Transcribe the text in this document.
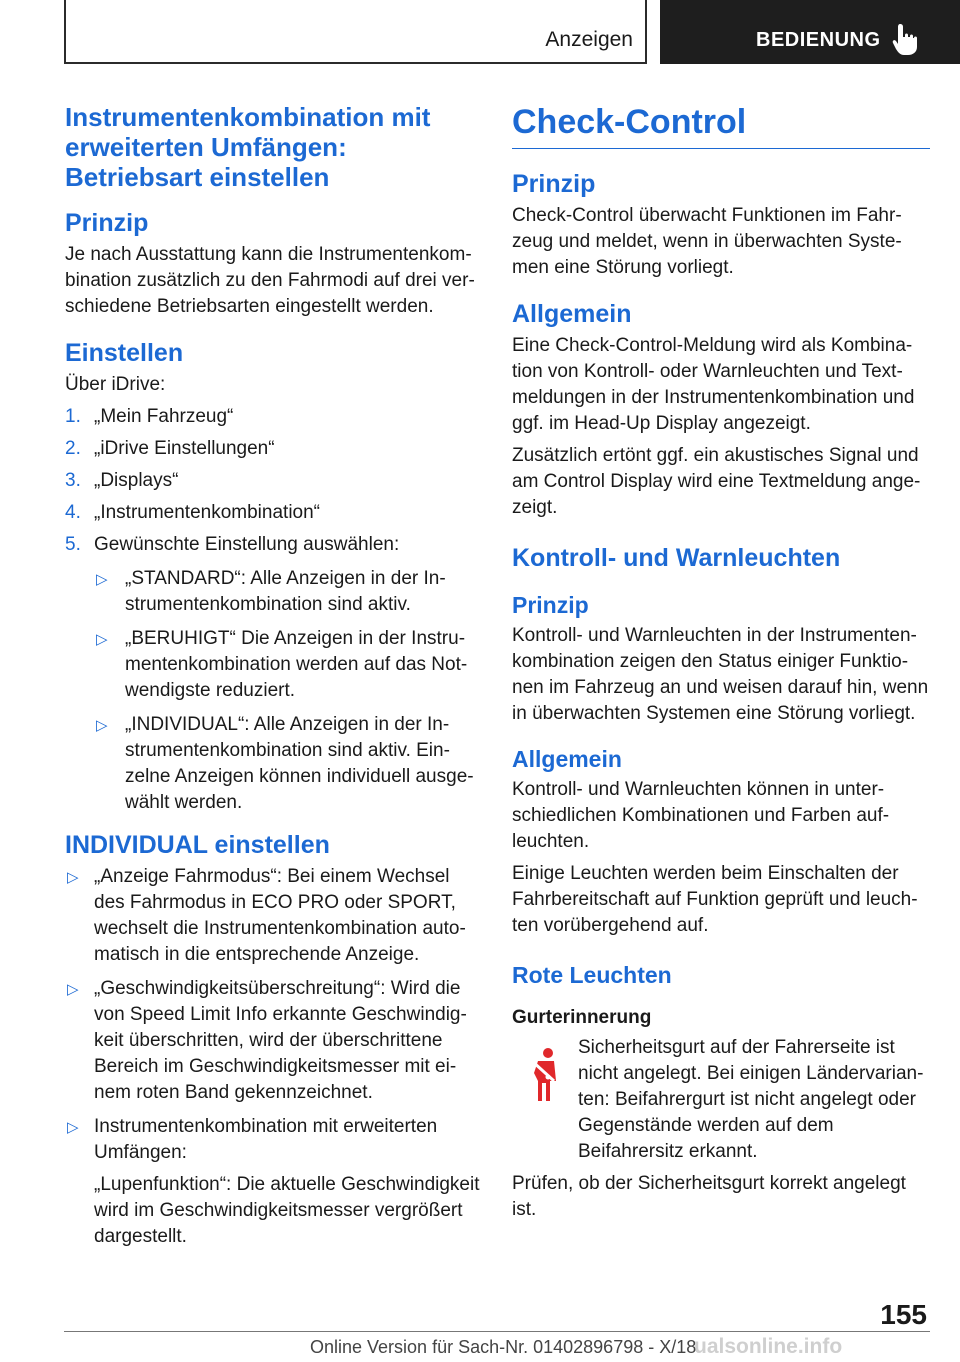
Anzeigen	BEDIENUNG
Instrumentenkombination mit
erweiterten Umfängen:
Betriebsart einstellen
Prinzip

Je nach Ausstattung kann die Instrumentenkombination zusätzlich zu den Fahrmodi auf drei verschiedene Betriebsarten eingestellt werden.

Einstellen

Über iDrive:

1. „Mein Fahrzeug“
2. „iDrive Einstellungen“
3. „Displays“
4. „Instrumentenkombination“
5. Gewünschte Einstellung auswählen:
▷ „STANDARD“: Alle Anzeigen in der Instrumentenkombination sind aktiv.
▷ „BERUHIGT“ Die Anzeigen in der Instrumentenkombination werden auf das Notwendigste reduziert.
▷ „INDIVIDUAL“: Alle Anzeigen in der Instrumentenkombination sind aktiv. Einzelne Anzeigen können individuell ausgewählt werden.
INDIVIDUAL einstellen
▷ „Anzeige Fahrmodus“: Bei einem Wechsel des Fahrmodus in ECO PRO oder SPORT, wechselt die Instrumentenkombination automatisch in die entsprechende Anzeige.
▷ „Geschwindigkeitsüberschreitung“: Wird die von Speed Limit Info erkannte Geschwindigkeit überschritten, wird der überschrittene Bereich im Geschwindigkeitsmesser mit einem roten Band gekennzeichnet.
▷ Instrumentenkombination mit erweiterten Umfängen:
„Lupenfunktion“: Die aktuelle Geschwindigkeit wird im Geschwindigkeitsmesser vergrößert dargestellt.
Check-Control
Prinzip

Check-Control überwacht Funktionen im Fahrzeug und meldet, wenn in überwachten Systemen eine Störung vorliegt.

Allgemein

Eine Check-Control-Meldung wird als Kombination von Kontroll- oder Warnleuchten und Textmeldungen in der Instrumentenkombination und ggf. im Head-Up Display angezeigt.

Zusätzlich ertönt ggf. ein akustisches Signal und am Control Display wird eine Textmeldung angezeigt.

Kontroll- und Warnleuchten
Prinzip

Kontroll- und Warnleuchten in der Instrumentenkombination zeigen den Status einiger Funktionen im Fahrzeug an und weisen darauf hin, wenn in überwachten Systemen eine Störung vorliegt.

Allgemein

Kontroll- und Warnleuchten können in unterschiedlichen Kombinationen und Farben aufleuchten.

Einige Leuchten werden beim Einschalten der Fahrbereitschaft auf Funktion geprüft und leuchten vorübergehend auf.

Rote Leuchten

Gurterinnerung

Sicherheitsgurt auf der Fahrerseite ist nicht angelegt. Bei einigen Ländervarianten: Beifahrergurt ist nicht angelegt oder Gegenstände werden auf dem Beifahrersitz erkannt.

Prüfen, ob der Sicherheitsgurt korrekt angelegt ist.

155
Online Version für Sach-Nr. 01402896798 - X/18
ualsonline.info
